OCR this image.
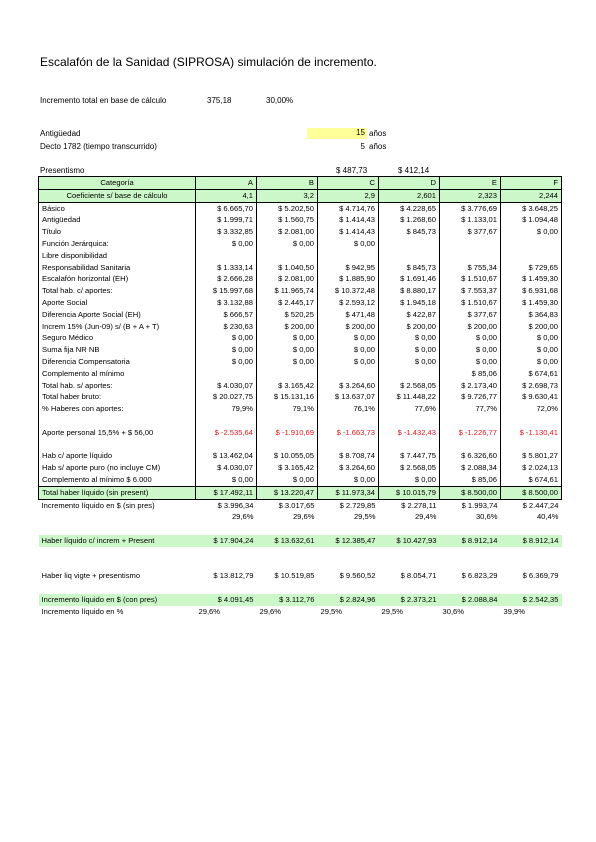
Escalafón de la Sanidad (SIPROSA) simulación de incremento.
Incremento total en base de cálculo	375,18	30,00%
Antigüedad	15 años
Decto 1782 (tiempo transcurrido)	5 años
Presentismo	$ 487,73	$ 412,14
Categoría	A	B	C	D	E	F
Coeficiente s/ base de cálculo	4,1	3,2	2,9	2,601	2,323	2,244
Básico	$ 6.665,70	$ 5.202,50	$ 4.714,76	$ 4.228,65	$ 3.776,69	$ 3.648,25
Antigüedad	$ 1.999,71	$ 1.560,75	$ 1.414,43	$ 1.268,60	$ 1.133,01	$ 1.094,48
Título	$ 3.332,85	$ 2.081,00	$ 1.414,43	$ 845,73	$ 377,67	$ 0,00
Función Jerárquica:	$ 0,00	$ 0,00	$ 0,00			
Libre disponibilidad						
Responsabilidad Sanitaria	$ 1.333,14	$ 1.040,50	$ 942,95	$ 845,73	$ 755,34	$ 729,65
Escalafón horizontal (EH)	$ 2.666,28	$ 2.081,00	$ 1.885,90	$ 1.691,46	$ 1.510,67	$ 1.459,30
Total hab. c/ aportes:	$ 15.997,68	$ 11.965,74	$ 10.372,48	$ 8.880,17	$ 7.553,37	$ 6.931,68
Aporte Social	$ 3.132,88	$ 2.445,17	$ 2.593,12	$ 1.945,18	$ 1.510,67	$ 1.459,30
Diferencia Aporte Social (EH)	$ 666,57	$ 520,25	$ 471,48	$ 422,87	$ 377,67	$ 364,83
Increm 15% (Jun-09) s/ (B + A + T)	$ 230,63	$ 200,00	$ 200,00	$ 200,00	$ 200,00	$ 200,00
Seguro Médico	$ 0,00	$ 0,00	$ 0,00	$ 0,00	$ 0,00	$ 0,00
Suma fija NR NB	$ 0,00	$ 0,00	$ 0,00	$ 0,00	$ 0,00	$ 0,00
Diferencia Compensatoria	$ 0,00	$ 0,00	$ 0,00	$ 0,00	$ 0,00	$ 0,00
Complemento al mínimo					$ 85,06	$ 674,61
Total hab. s/ aportes:	$ 4.030,07	$ 3.165,42	$ 3.264,60	$ 2.568,05	$ 2.173,40	$ 2.698,73
Total haber bruto:	$ 20.027,75	$ 15.131,16	$ 13.637,07	$ 11.448,22	$ 9.726,77	$ 9.630,41
% Haberes con aportes:	79,9%	79,1%	76,1%	77,6%	77,7%	72,0%

Aporte personal 15,5% + $ 56,00	$ -2.535,64	$ -1.910,69	$ -1.663,73	$ -1.432,43	$ -1.226,77	$ -1.130,41

Hab c/ aporte líquido	$ 13.462,04	$ 10.055,05	$ 8.708,74	$ 7.447,75	$ 6.326,60	$ 5.801,27
Hab s/ aporte puro (no incluye CM)	$ 4.030,07	$ 3.165,42	$ 3.264,60	$ 2.568,05	$ 2.088,34	$ 2.024,13
Complemento al mínimo $ 6.000	$ 0,00	$ 0,00	$ 0,00	$ 0,00	$ 85,06	$ 674,61
Total haber líquido (sin present)	$ 17.492,11	$ 13.220,47	$ 11.973,34	$ 10.015,79	$ 8.500,00	$ 8.500,00
Incremento líquido en $ (sin pres)	$ 3.996,34	$ 3.017,65	$ 2.729,85	$ 2.278,11	$ 1.993,74	$ 2.447,24
	29,6%	29,6%	29,5%	29,4%	30,6%	40,4%

Haber líquido c/ increm + Present	$ 17.904,24	$ 13.632,61	$ 12.385,47	$ 10.427,93	$ 8.912,14	$ 8.912,14

Haber liq vigte + presentismo	$ 13.812,79	$ 10.519,85	$ 9.560,52	$ 8.054,71	$ 6.823,29	$ 6.369,79

Incremento líquido en $ (con pres)	$ 4.091,45	$ 3.112,76	$ 2.824,96	$ 2.373,21	$ 2.088,84	$ 2.542,35
Incremento líquido en %	29,6%	29,6%	29,5%	29,5%	30,6%	39,9%
